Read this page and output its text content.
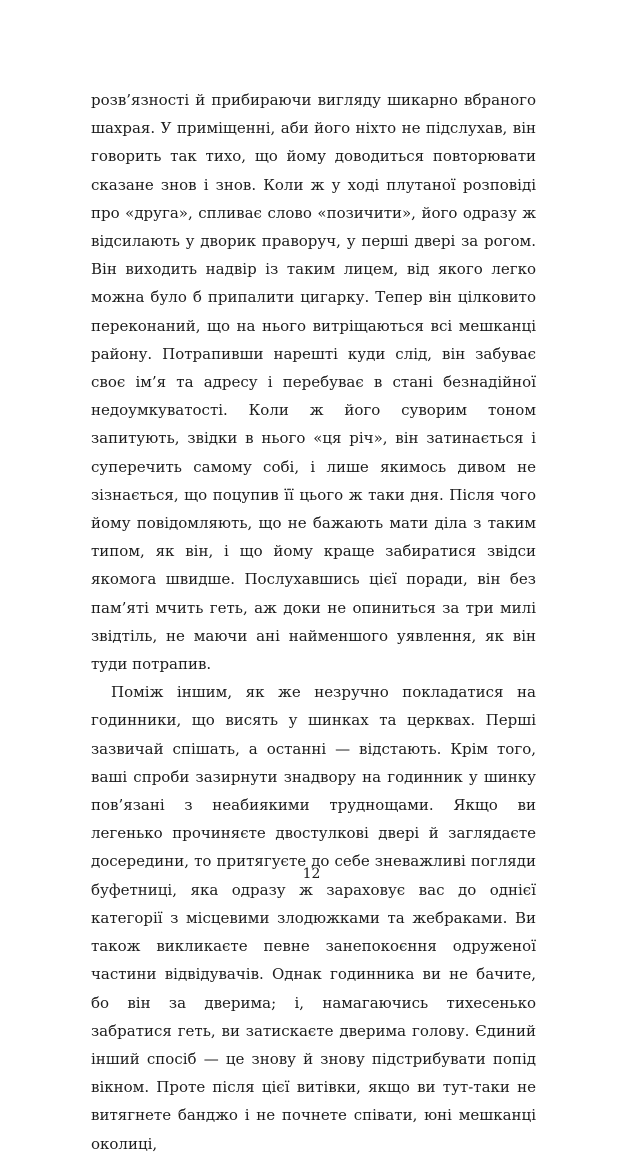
розв’язності й прибираючи вигляду шикарно вбраного шахрая. У приміщенні, аби його ніхто не підслухав, він говорить так тихо, що йому доводиться повторювати сказане знов і знов. Коли ж у ході плутаної розповіді про «друга», спливає слово «позичити», його одразу ж відсилають у дворик праворуч, у перші двері за рогом. Він виходить надвір із таким лицем, від якого легко можна було б припалити цигарку. Тепер він цілковито переконаний, що на нього витріщаються всі мешканці району. Потрапивши нарешті куди слід, він забуває своє ім’я та адресу і перебуває в стані безнадійної недоумкуватості. Коли ж його суворим тоном запитують, звідки в нього «ця річ», він затинається і суперечить самому собі, і лише якимось дивом не зізнається, що поцупив її цього ж таки дня. Після чого йому повідомляють, що не бажають мати діла з таким типом, як він, і що йому краще забиратися звідси якомога швидше. Послухавшись цієї поради, він без пам’яті мчить геть, аж доки не опиниться за три милі звідтіль, не маючи ані найменшого уявлення, як він туди потрапив.

Поміж іншим, як же незручно покладатися на годинники, що висять у шинках та церквах. Перші зазвичай спішать, а останні — відстають. Крім того, ваші спроби зазирнути знадвору на годинник у шинку пов’язані з неабиякими труднощами. Якщо ви легенько прочиняєте двостулкові двері й заглядаєте досередини, то притягуєте до себе зневажливі погляди буфетниці, яка одразу ж зараховує вас до однієї категорії з місцевими злодюжками та жебраками. Ви також викликаєте певне занепокоєння одруженої частини відвідувачів. Однак годинника ви не бачите, бо він за дверима; і, намагаючись тихесенько забратися геть, ви затискаєте дверима голову. Єдиний інший спосіб — це знову й знову підстрибувати попід вікном. Проте після цієї витівки, якщо ви тут-таки не витягнете банджо і не почнете співати, юні мешканці околиці,

12
